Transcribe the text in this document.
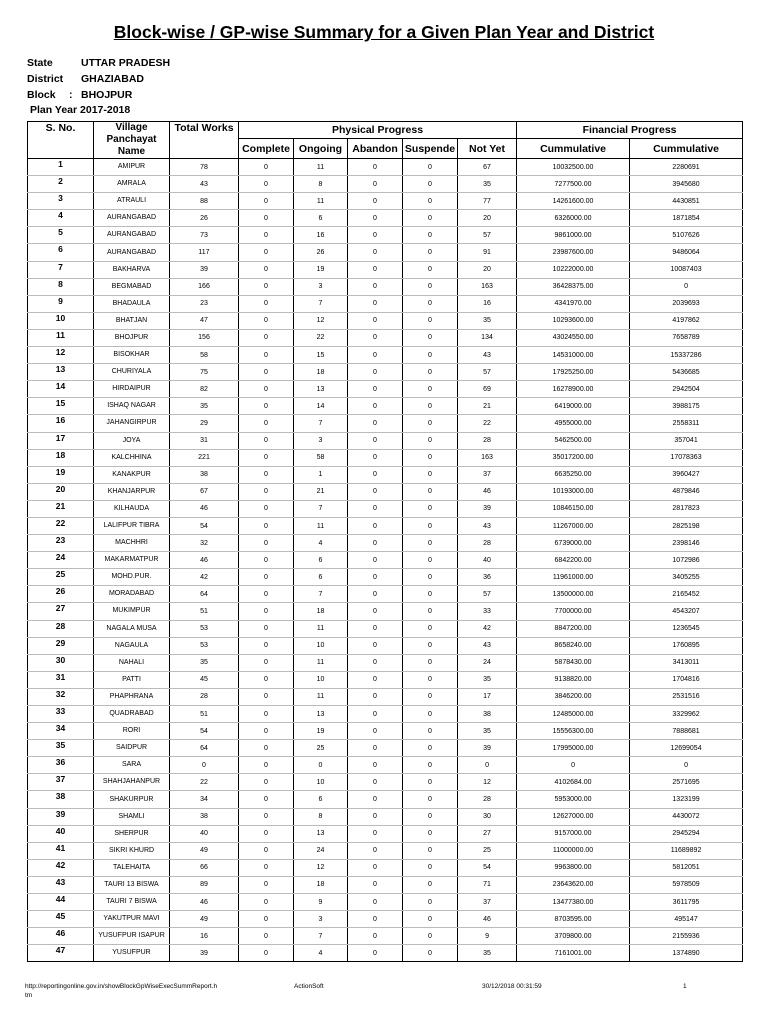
Block-wise / GP-wise Summary for a Given Plan Year and District
State	UTTAR PRADESH
District GHAZIABAD
Block : BHOJPUR
Plan Year 2017-2018
S. No.	Village Panchayat Name	Total Works	Physical Progress					Financial Progress	
			Complete	Ongoing	Abandon	Suspende	Not Yet	Cummulative	Cummulative
1	AMIPUR	78	0	11	0	0	67	10032500.00	2280691
2	AMRALA	43	0	8	0	0	35	7277500.00	3945680
3	ATRAULI	88	0	11	0	0	77	14261600.00	4430851
4	AURANGABAD	26	0	6	0	0	20	6326000.00	1871854
5	AURANGABAD	73	0	16	0	0	57	9861000.00	5107626
6	AURANGABAD	117	0	26	0	0	91	23987600.00	9486064
7	BAKHARVA	39	0	19	0	0	20	10222000.00	10087403
8	BEGMABAD	166	0	3	0	0	163	36428375.00	0
9	BHADAULA	23	0	7	0	0	16	4341970.00	2039693
10	BHATJAN	47	0	12	0	0	35	10293600.00	4197862
11	BHOJPUR	156	0	22	0	0	134	43024550.00	7658789
12	BISOKHAR	58	0	15	0	0	43	14531000.00	15337286
13	CHURIYALA	75	0	18	0	0	57	17925250.00	5436685
14	HIRDAIPUR	82	0	13	0	0	69	16278900.00	2942504
15	ISHAQ NAGAR	35	0	14	0	0	21	6419000.00	3988175
16	JAHANGIRPUR	29	0	7	0	0	22	4955000.00	2558311
17	JOYA	31	0	3	0	0	28	5462500.00	357041
18	KALCHHINA	221	0	58	0	0	163	35017200.00	17078363
19	KANAKPUR	38	0	1	0	0	37	6635250.00	3960427
20	KHANJARPUR	67	0	21	0	0	46	10193000.00	4879846
21	KILHAUDA	46	0	7	0	0	39	10846150.00	2817823
22	LALIFPUR TIBRA	54	0	11	0	0	43	11267000.00	2825198
23	MACHHRI	32	0	4	0	0	28	6739000.00	2398146
24	MAKARMATPUR	46	0	6	0	0	40	6842200.00	1072986
25	MOHD.PUR.	42	0	6	0	0	36	11961000.00	3405255
26	MORADABAD	64	0	7	0	0	57	13500000.00	2165452
27	MUKIMPUR	51	0	18	0	0	33	7700000.00	4543207
28	NAGALA MUSA	53	0	11	0	0	42	8847200.00	1236545
29	NAGAULA	53	0	10	0	0	43	8658240.00	1760895
30	NAHALI	35	0	11	0	0	24	5878430.00	3413011
31	PATTI	45	0	10	0	0	35	9138820.00	1704816
32	PHAPHRANA	28	0	11	0	0	17	3846200.00	2531516
33	QUADRABAD	51	0	13	0	0	38	12485000.00	3329962
34	RORI	54	0	19	0	0	35	15556300.00	7888681
35	SAIDPUR	64	0	25	0	0	39	17995000.00	12699054
36	SARA	0	0	0	0	0	0	0	0
37	SHAHJAHANPUR	22	0	10	0	0	12	4102684.00	2571695
38	SHAKURPUR	34	0	6	0	0	28	5953000.00	1323199
39	SHAMLI	38	0	8	0	0	30	12627000.00	4430072
40	SHERPUR	40	0	13	0	0	27	9157000.00	2945294
41	SIKRI KHURD	49	0	24	0	0	25	11000000.00	11689892
42	TALEHAITA	66	0	12	0	0	54	9963800.00	5812051
43	TAURI 13 BISWA	89	0	18	0	0	71	23643620.00	5978509
44	TAURI 7 BISWA	46	0	9	0	0	37	13477380.00	3611795
45	YAKUTPUR MAVI	49	0	3	0	0	46	8703595.00	495147
46	YUSUFPUR ISAPUR	16	0	7	0	0	9	3709800.00	2155936
47	YUSUFPUR	39	0	4	0	0	35	7161001.00	1374890
http://reportingonline.gov.in/showBlockGpWiseExecSummReport.h
tm
ActionSoft	30/12/2018 00:31:59	1
